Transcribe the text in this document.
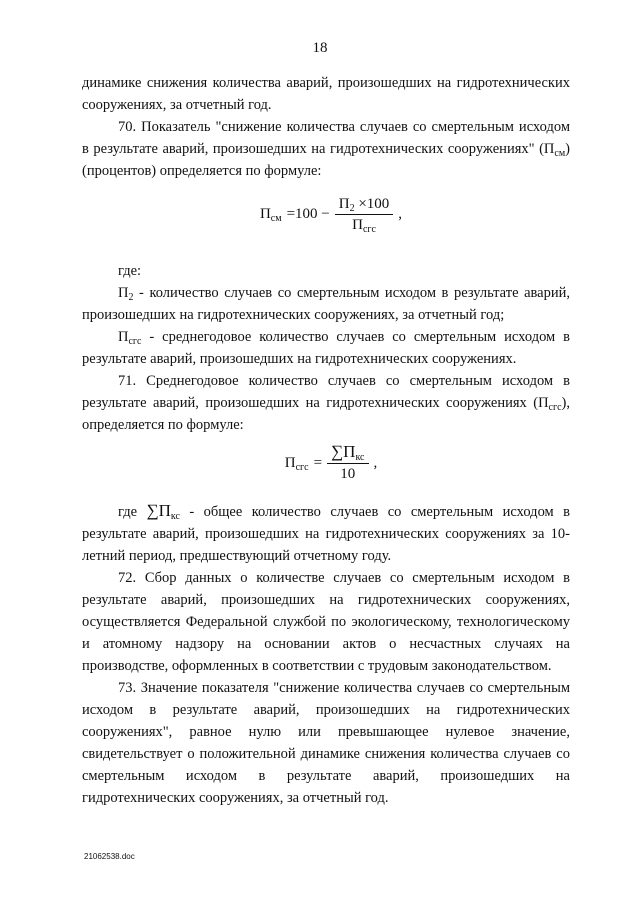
18

динамике снижения количества аварий, произошедших на гидротехнических сооружениях, за отчетный год.

70. Показатель "снижение количества случаев со смертельным исходом в результате аварий, произошедших на гидротехнических сооружениях" $(П_{см})$ (процентов) определяется по формуле:

$П_{см} =100 - \frac{П_2 \times 100}{П_{сгс}}$ ,

где:

$П_2$ - количество случаев со смертельным исходом в результате аварий, произошедших на гидротехнических сооружениях, за отчетный год;

$П_{сгс}$ - среднегодовое количество случаев со смертельным исходом в результате аварий, произошедших на гидротехнических сооружениях.

71. Среднегодовое количество случаев со смертельным исходом в результате аварий, произошедших на гидротехнических сооружениях $(П_{сгс})$, определяется по формуле:

$П_{сгс} = \frac{\sum П_{кс}}{10}$ ,

где $\sum П_{кс}$ - общее количество случаев со смертельным исходом в результате аварий, произошедших на гидротехнических сооружениях за 10-летний период, предшествующий отчетному году.

72. Сбор данных о количестве случаев со смертельным исходом в результате аварий, произошедших на гидротехнических сооружениях, осуществляется Федеральной службой по экологическому, технологическому и атомному надзору на основании актов о несчастных случаях на производстве, оформленных в соответствии с трудовым законодательством.

73. Значение показателя "снижение количества случаев со смертельным исходом в результате аварий, произошедших на гидротехнических сооружениях", равное нулю или превышающее нулевое значение, свидетельствует о положительной динамике снижения количества случаев со смертельным исходом в результате аварий, произошедших на гидротехнических сооружениях, за отчетный год.

21062538.doc
